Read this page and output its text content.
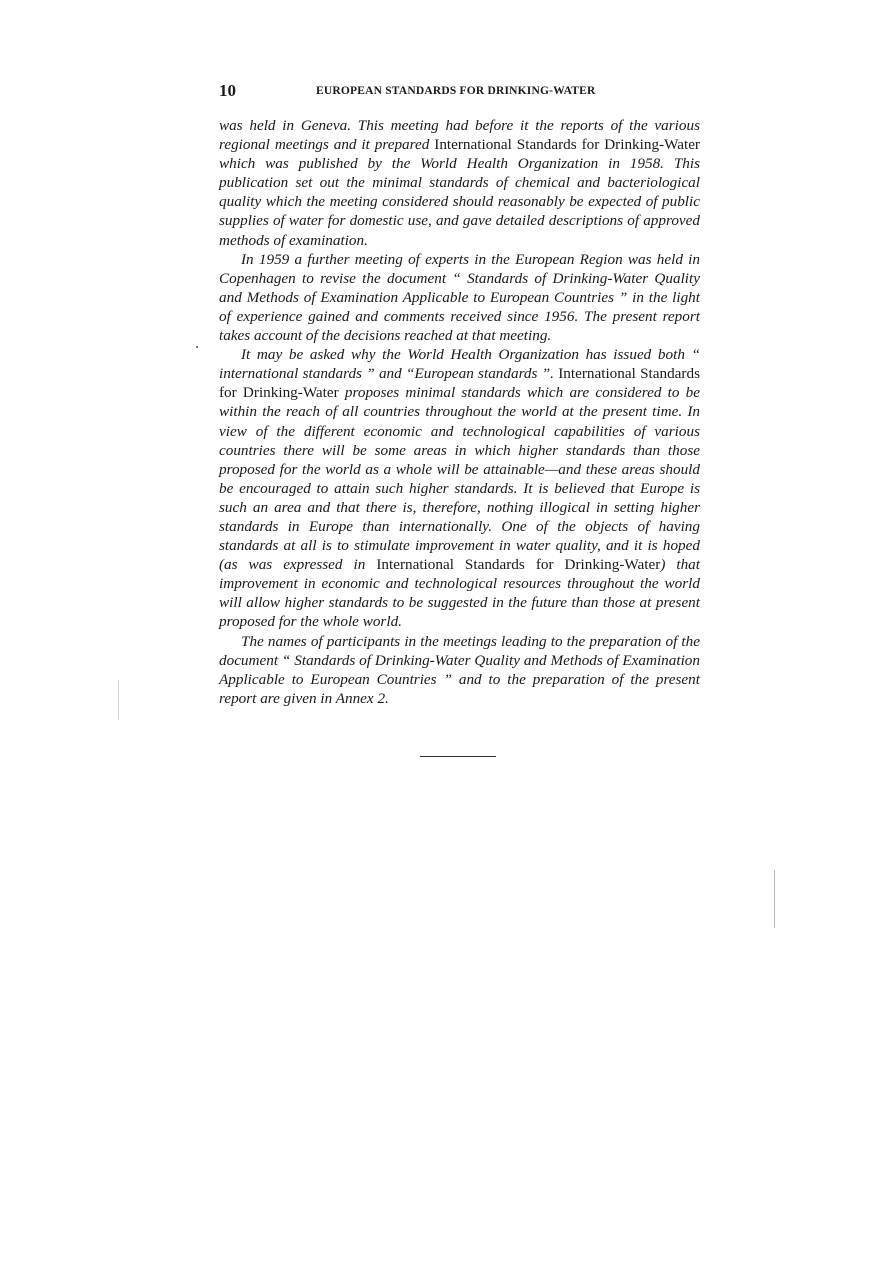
10	EUROPEAN STANDARDS FOR DRINKING-WATER

was held in Geneva. This meeting had before it the reports of the various regional meetings and it prepared International Standards for Drinking-Water which was published by the World Health Organization in 1958. This publication set out the minimal standards of chemical and bacteriological quality which the meeting considered should reasonably be expected of public supplies of water for domestic use, and gave detailed descriptions of approved methods of examination.

In 1959 a further meeting of experts in the European Region was held in Copenhagen to revise the document “ Standards of Drinking-Water Quality and Methods of Examination Applicable to European Countries ” in the light of experience gained and comments received since 1956. The present report takes account of the decisions reached at that meeting.

It may be asked why the World Health Organization has issued both “ international standards ” and “European standards ”. International Standards for Drinking-Water proposes minimal standards which are considered to be within the reach of all countries throughout the world at the present time. In view of the different economic and technological capabilities of various countries there will be some areas in which higher standards than those proposed for the world as a whole will be attainable—and these areas should be encouraged to attain such higher standards. It is believed that Europe is such an area and that there is, therefore, nothing illogical in setting higher standards in Europe than internationally. One of the objects of having standards at all is to stimulate improvement in water quality, and it is hoped (as was expressed in International Standards for Drinking-Water) that improvement in economic and technological resources throughout the world will allow higher standards to be suggested in the future than those at present proposed for the whole world.

The names of participants in the meetings leading to the preparation of the document “ Standards of Drinking-Water Quality and Methods of Examination Applicable to European Countries ” and to the preparation of the present report are given in Annex 2.
